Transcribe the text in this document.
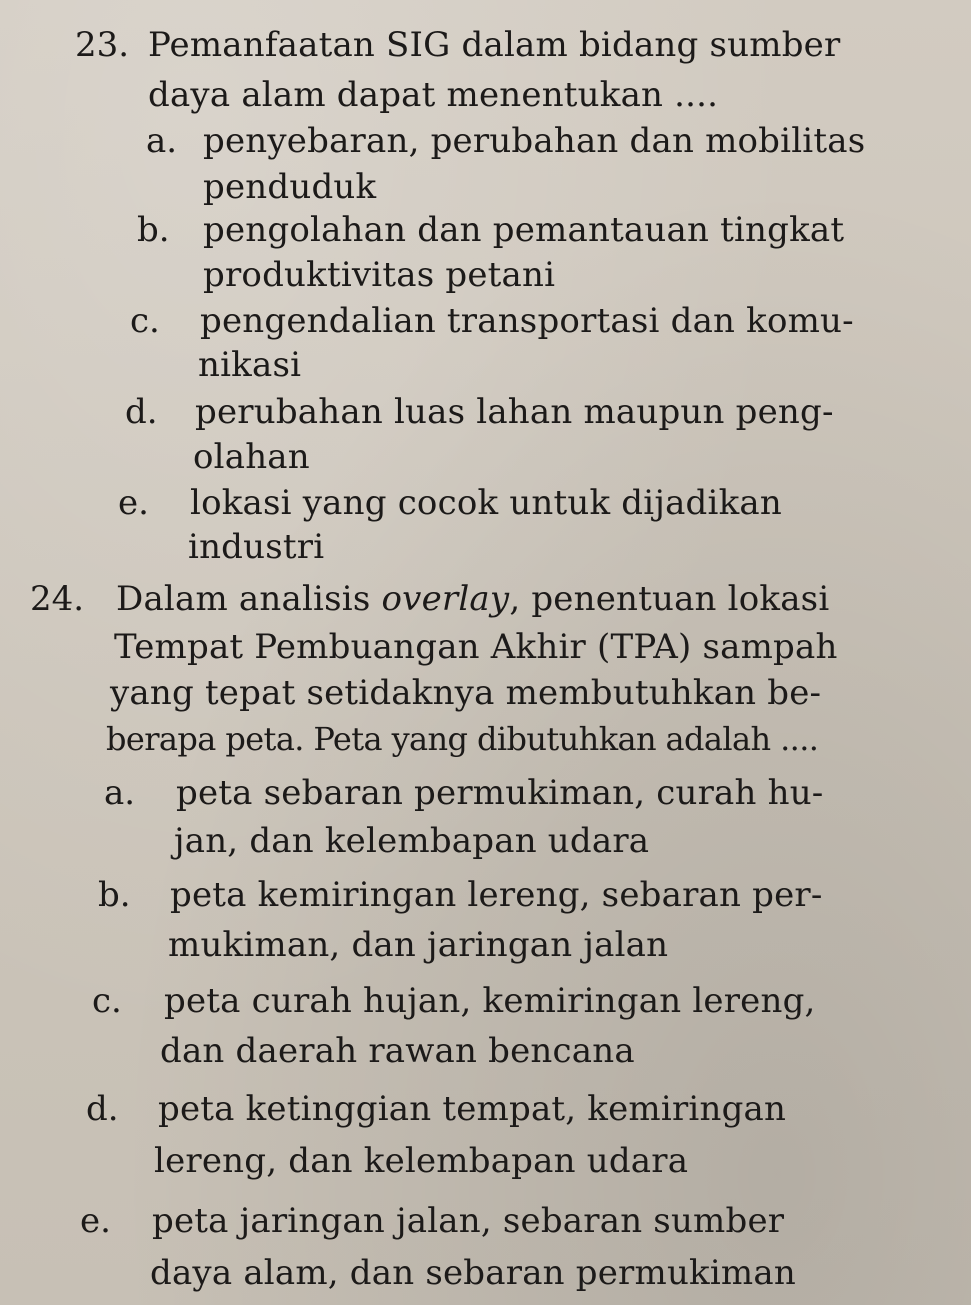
23. Pemanfaatan SIG dalam bidang sumber
daya alam dapat menentukan ....
a. penyebaran, perubahan dan mobilitas
penduduk
b. pengolahan dan pemantauan tingkat
produktivitas petani
c. pengendalian transportasi dan komu-
nikasi
d. perubahan luas lahan maupun peng-
olahan
e. lokasi yang cocok untuk dijadikan
industri
24. Dalam analisis overlay, penentuan lokasi
Tempat Pembuangan Akhir (TPA) sampah
yang tepat setidaknya membutuhkan be-
berapa peta. Peta yang dibutuhkan adalah ....
a. peta sebaran permukiman, curah hu-
jan, dan kelembapan udara
b. peta kemiringan lereng, sebaran per-
mukiman, dan jaringan jalan
c. peta curah hujan, kemiringan lereng,
dan daerah rawan bencana
d. peta ketinggian tempat, kemiringan
lereng, dan kelembapan udara
e. peta jaringan jalan, sebaran sumber
daya alam, dan sebaran permukiman
